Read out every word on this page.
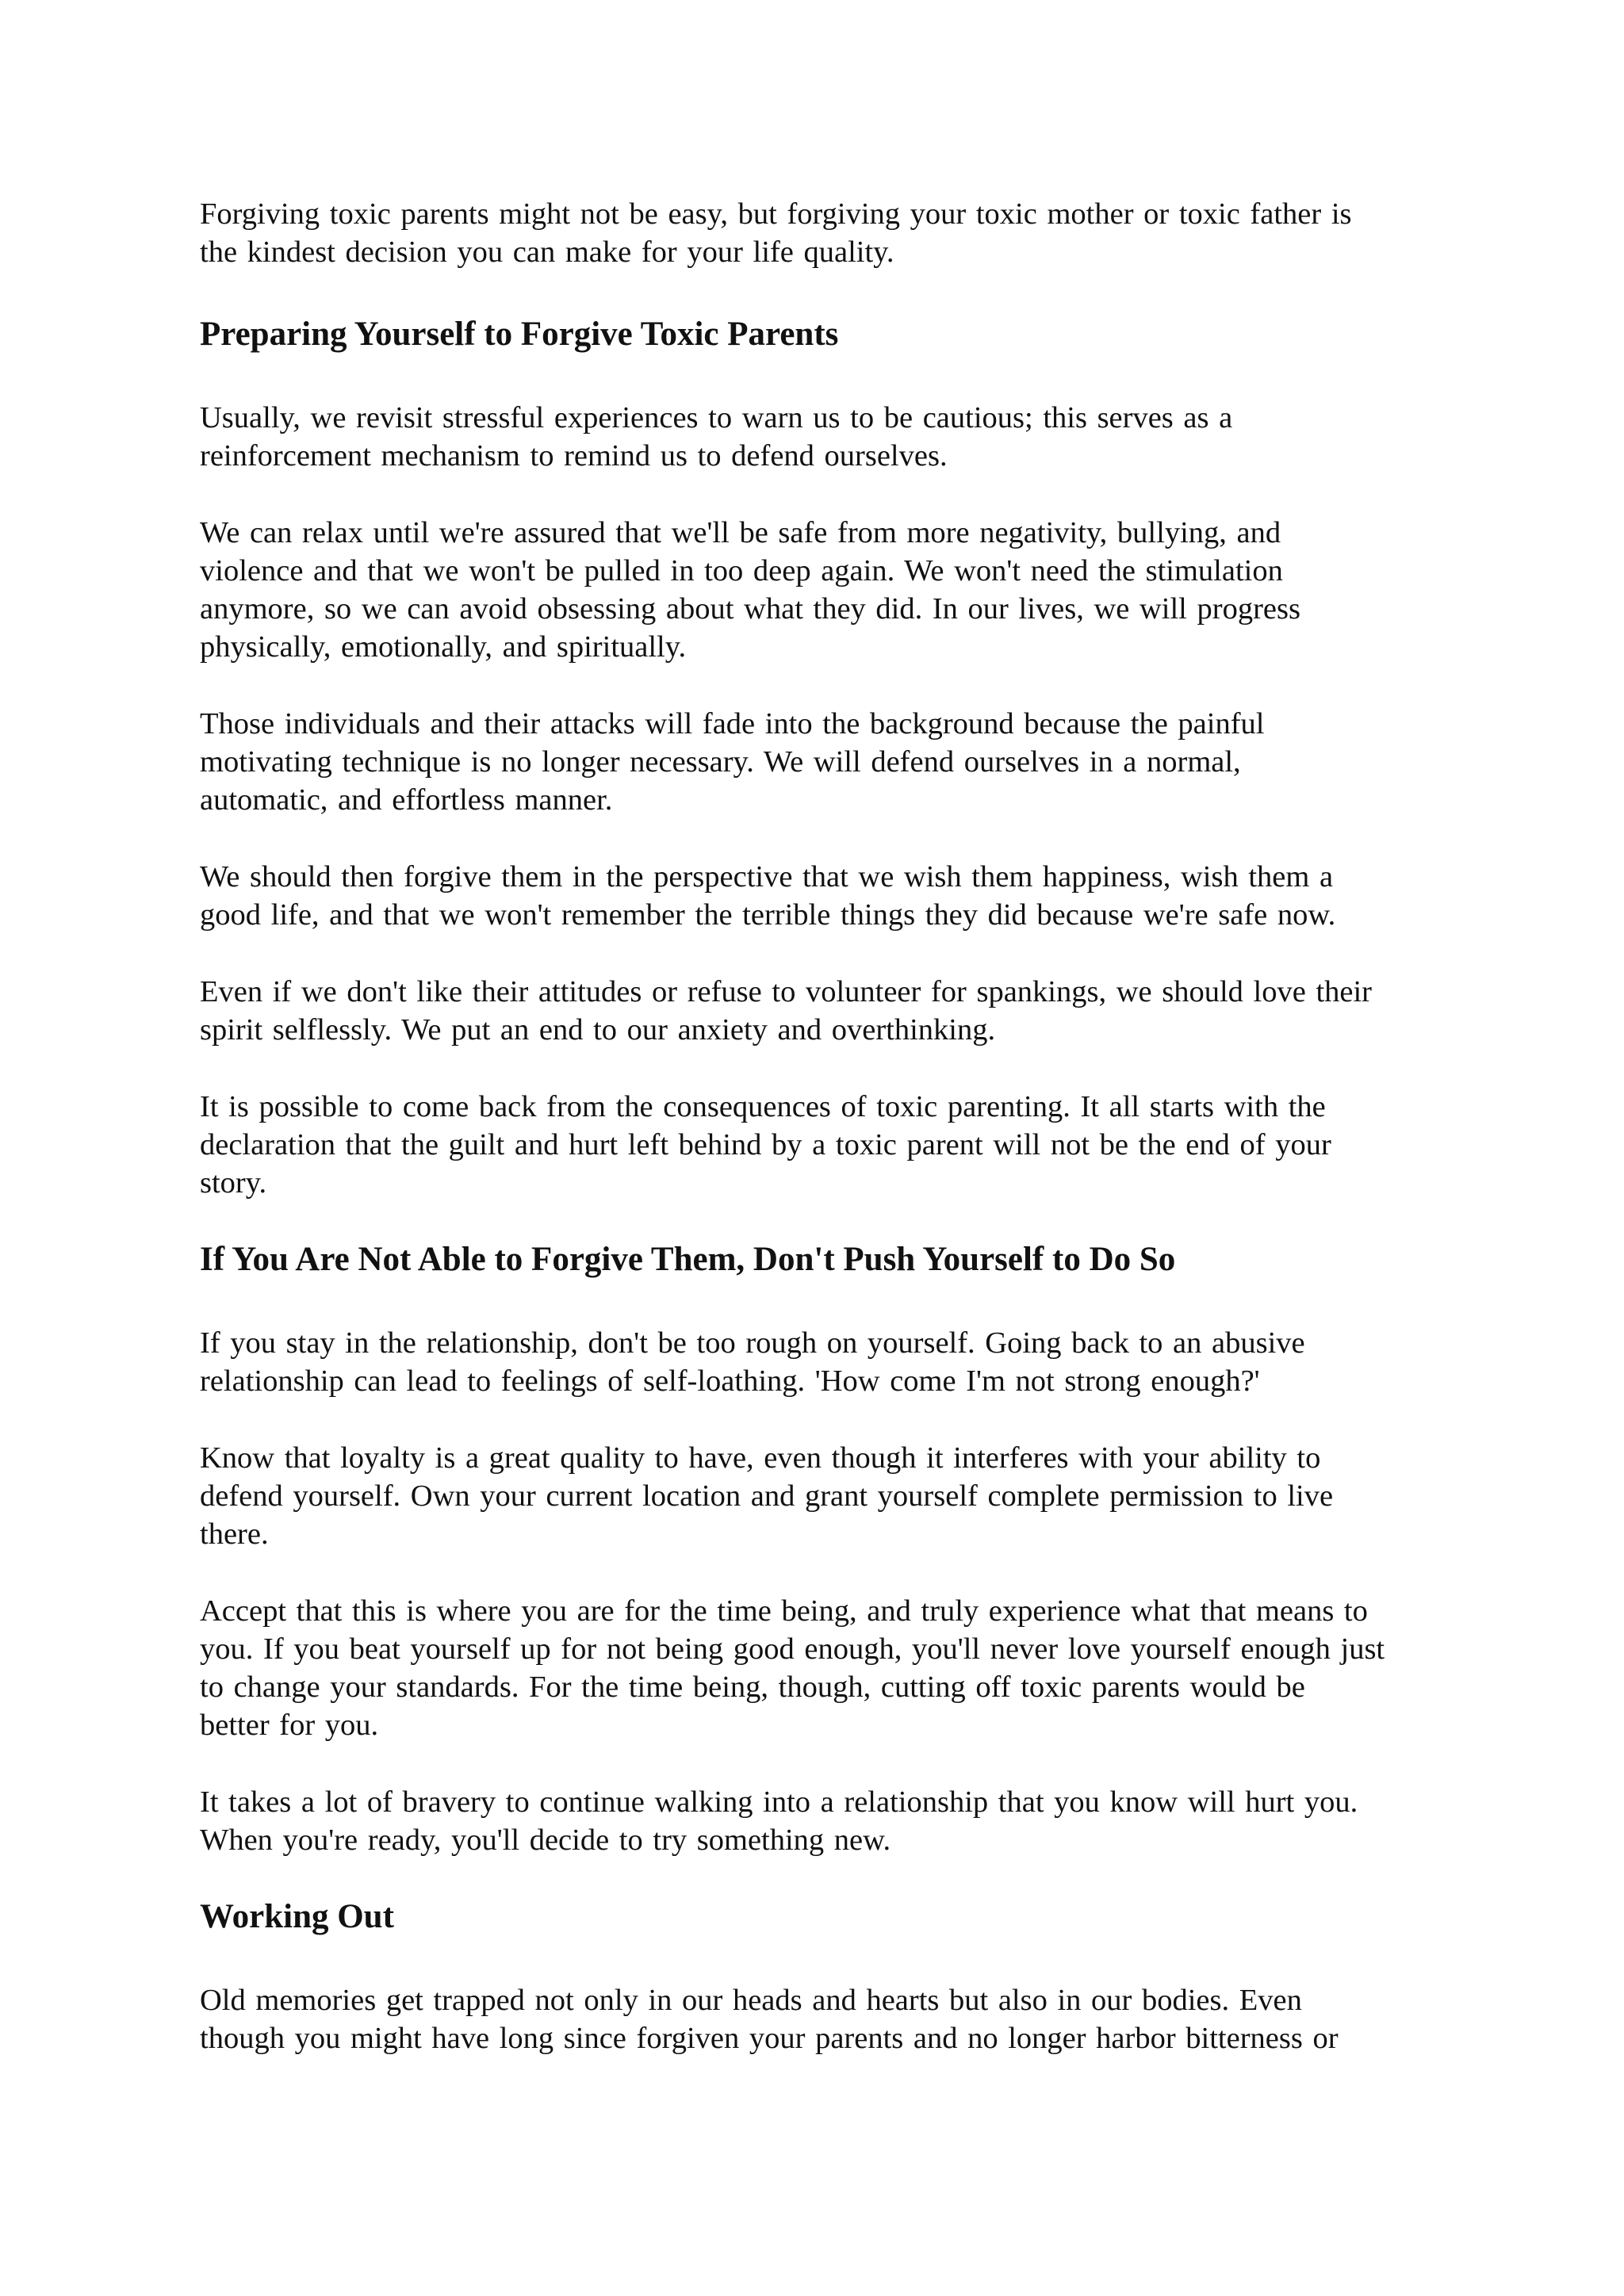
Forgiving toxic parents might not be easy, but forgiving your toxic mother or toxic father is
the kindest decision you can make for your life quality.

Preparing Yourself to Forgive Toxic Parents

Usually, we revisit stressful experiences to warn us to be cautious; this serves as a
reinforcement mechanism to remind us to defend ourselves.

We can relax until we're assured that we'll be safe from more negativity, bullying, and
violence and that we won't be pulled in too deep again. We won't need the stimulation
anymore, so we can avoid obsessing about what they did. In our lives, we will progress
physically, emotionally, and spiritually.

Those individuals and their attacks will fade into the background because the painful
motivating technique is no longer necessary. We will defend ourselves in a normal,
automatic, and effortless manner.

We should then forgive them in the perspective that we wish them happiness, wish them a
good life, and that we won't remember the terrible things they did because we're safe now.

Even if we don't like their attitudes or refuse to volunteer for spankings, we should love their
spirit selflessly. We put an end to our anxiety and overthinking.

It is possible to come back from the consequences of toxic parenting. It all starts with the
declaration that the guilt and hurt left behind by a toxic parent will not be the end of your
story.

If You Are Not Able to Forgive Them, Don't Push Yourself to Do So

If you stay in the relationship, don't be too rough on yourself. Going back to an abusive
relationship can lead to feelings of self-loathing. 'How come I'm not strong enough?'

Know that loyalty is a great quality to have, even though it interferes with your ability to
defend yourself. Own your current location and grant yourself complete permission to live
there.

Accept that this is where you are for the time being, and truly experience what that means to
you. If you beat yourself up for not being good enough, you'll never love yourself enough just
to change your standards. For the time being, though, cutting off toxic parents would be
better for you.

It takes a lot of bravery to continue walking into a relationship that you know will hurt you.
When you're ready, you'll decide to try something new.

Working Out

Old memories get trapped not only in our heads and hearts but also in our bodies. Even
though you might have long since forgiven your parents and no longer harbor bitterness or
